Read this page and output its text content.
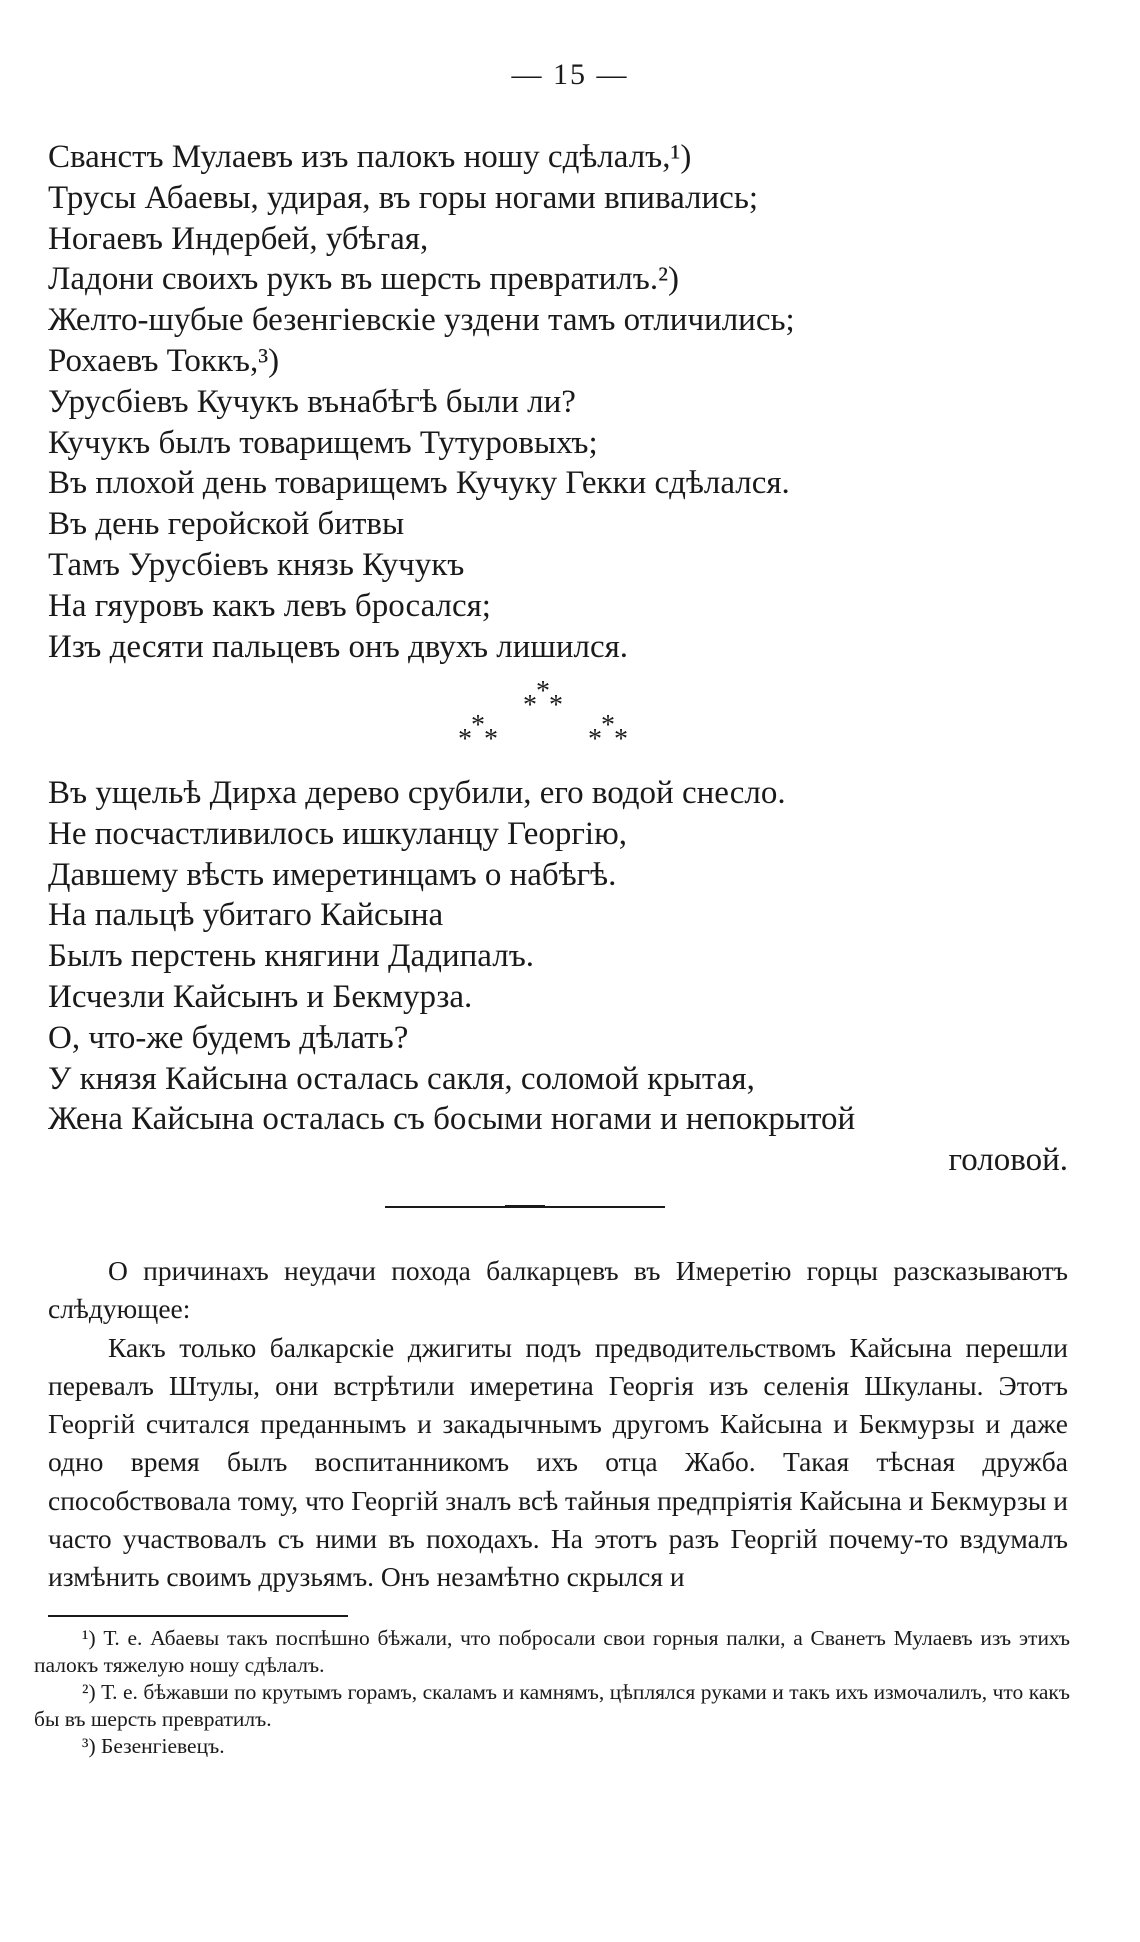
— 15 —
Сванстъ Мулаевъ изъ палокъ ношу сдѣлалъ,¹)
Трусы Абаевы, удирая, въ горы ногами впивались;
Ногаевъ Индербей, убѣгая,
Ладони своихъ рукъ въ шерсть превратилъ.²)
Желто-шубые безенгіевскіе уздени тамъ отличились;
Рохаевъ Токкъ,³)
Урусбіевъ Кучукъ вънабѣгѣ были ли?
Кучукъ былъ товарищемъ Тутуровыхъ;
Въ плохой день товарищемъ Кучуку Гекки сдѣлался.
Въ день геройской битвы
Тамъ Урусбіевъ князь Кучукъ
На гяуровъ какъ левъ бросался;
Изъ десяти пальцевъ онъ двухъ лишился.
*
* *
*
* *	*
* *
Въ ущельѣ Дирха дерево срубили, его водой снесло.
Не посчастливилось ишкуланцу Георгію,
Давшему вѣсть имеретинцамъ о набѣгѣ.
На пальцѣ убитаго Кайсына
Былъ перстень княгини Дадипалъ.
Исчезли Кайсынъ и Бекмурза.
О, что-же будемъ дѣлать?
У князя Кайсына осталась сакля, соломой крытая,
Жена Кайсына осталась съ босыми ногами и непокрытой
головой.

О причинахъ неудачи похода балкарцевъ въ Имеретію горцы разсказываютъ слѣдующее:

Какъ только балкарскіе джигиты подъ предводительствомъ Кайсына перешли перевалъ Штулы, они встрѣтили имеретина Георгія изъ селенія Шкуланы. Этотъ Георгій считался преданнымъ и закадычнымъ другомъ Кайсына и Бекмурзы и даже одно время былъ воспитанникомъ ихъ отца Жабо. Такая тѣсная дружба способствовала тому, что Георгій зналъ всѣ тайныя предпріятія Кайсына и Бекмурзы и часто участвовалъ съ ними въ походахъ. На этотъ разъ Георгій почему-то вздумалъ измѣнить своимъ друзьямъ. Онъ незамѣтно скрылся и

¹) Т. е. Абаевы такъ поспѣшно бѣжали, что побросали свои горныя палки, а Сванетъ Мулаевъ изъ этихъ палокъ тяжелую ношу сдѣлалъ.

²) Т. е. бѣжавши по крутымъ горамъ, скаламъ и камнямъ, цѣплялся руками и такъ ихъ измочалилъ, что какъ бы въ шерсть превратилъ.

³) Безенгіевецъ.
